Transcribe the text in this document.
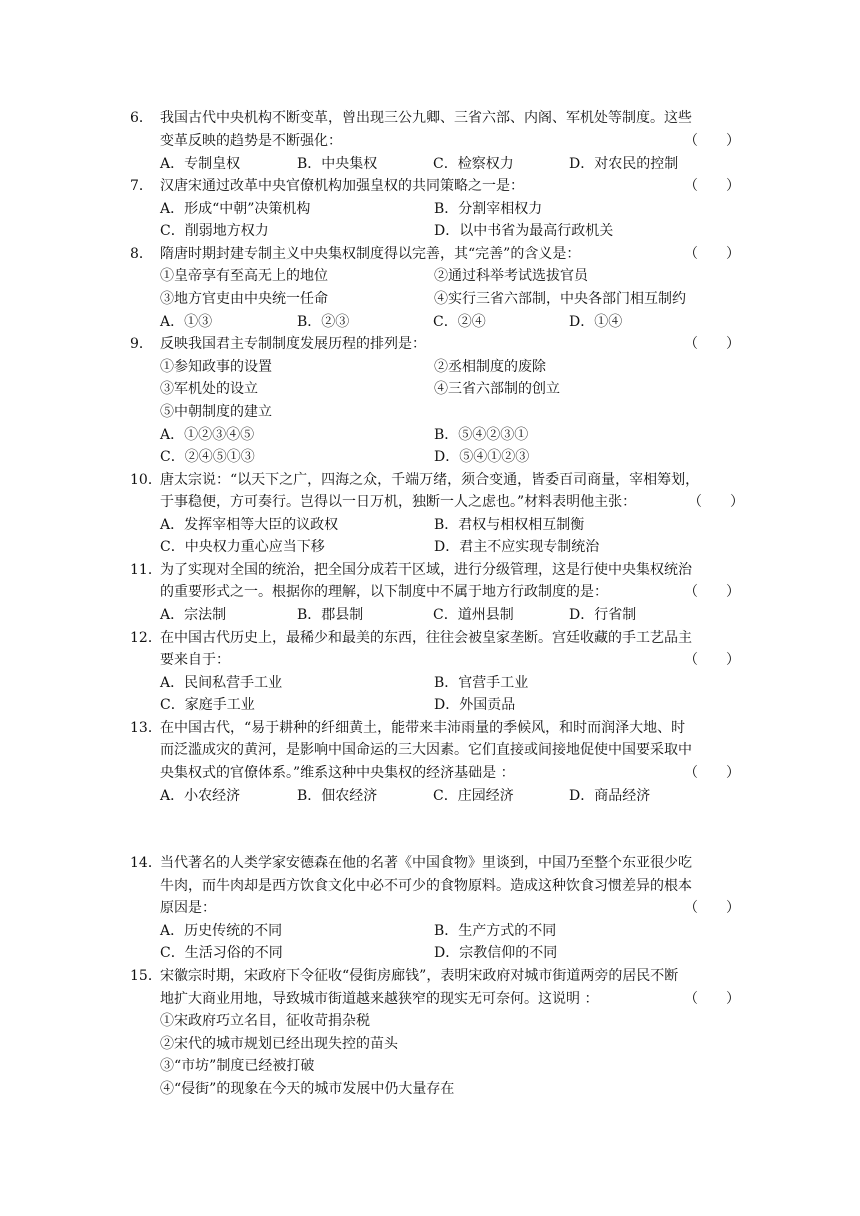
6． 我国古代中央机构不断变革，曾出现三公九卿、三省六部、内阁、军机处等制度。这些
变革反映的趋势是不断强化：	（　　）
A．专制皇权	B．中央集权	C．检察权力	D．对农民的控制
7． 汉唐宋通过改革中央官僚机构加强皇权的共同策略之一是：	（　　）
A．形成“中朝”决策机构	B．分割宰相权力
C．削弱地方权力	D．以中书省为最高行政机关
8． 隋唐时期封建专制主义中央集权制度得以完善，其“完善”的含义是：	（　　）
①皇帝享有至高无上的地位	②通过科举考试选拔官员
③地方官吏由中央统一任命	④实行三省六部制，中央各部门相互制约
A．①③	B．②③	C．②④	D．①④
9． 反映我国君主专制制度发展历程的排列是：	（　　）
①参知政事的设置	②丞相制度的废除
③军机处的设立	④三省六部制的创立
⑤中朝制度的建立
A．①②③④⑤	B．⑤④②③①
C．②④⑤①③	D．⑤④①②③
10．
唐太宗说：“以天下之广，四海之众，千端万绪，须合变通，皆委百司商量，宰相筹划，
于事稳便，方可奏行。岂得以一日万机，独断一人之虑也。”材料表明他主张：	（　　）
A．发挥宰相等大臣的议政权	B．君权与相权相互制衡
C．中央权力重心应当下移	D．君主不应实现专制统治
11．
为了实现对全国的统治，把全国分成若干区域，进行分级管理，这是行使中央集权统治
的重要形式之一。根据你的理解，以下制度中不属于地方行政制度的是：	（　　）
A．宗法制	B．郡县制	C．道州县制	D．行省制
12．
在中国古代历史上，最稀少和最美的东西，往往会被皇家垄断。宫廷收藏的手工艺品主
要来自于：	（　　）
A．民间私营手工业	B．官营手工业
C．家庭手工业	D．外国贡品
13．
在中国古代，“易于耕种的纤细黄土，能带来丰沛雨量的季候风，和时而润泽大地、时
而泛滥成灾的黄河，是影响中国命运的三大因素。它们直接或间接地促使中国要采取中
央集权式的官僚体系。”维系这种中央集权的经济基础是 ：	（　　）
A．小农经济	B．佃农经济	C．庄园经济	D．商品经济
14．
当代著名的人类学家安德森在他的名著《中国食物》里谈到，中国乃至整个东亚很少吃
牛肉，而牛肉却是西方饮食文化中必不可少的食物原料。造成这种饮食习惯差异的根本
原因是：	（　　）
A．历史传统的不同	B．生产方式的不同
C．生活习俗的不同	D．宗教信仰的不同
15．
宋徽宗时期，宋政府下令征收“侵街房廊钱”，表明宋政府对城市街道两旁的居民不断
地扩大商业用地，导致城市街道越来越狭窄的现实无可奈何。这说明 ：	（　　）
①宋政府巧立名目，征收苛捐杂税
②宋代的城市规划已经出现失控的苗头
③“市坊”制度已经被打破
④“侵街”的现象在今天的城市发展中仍大量存在
